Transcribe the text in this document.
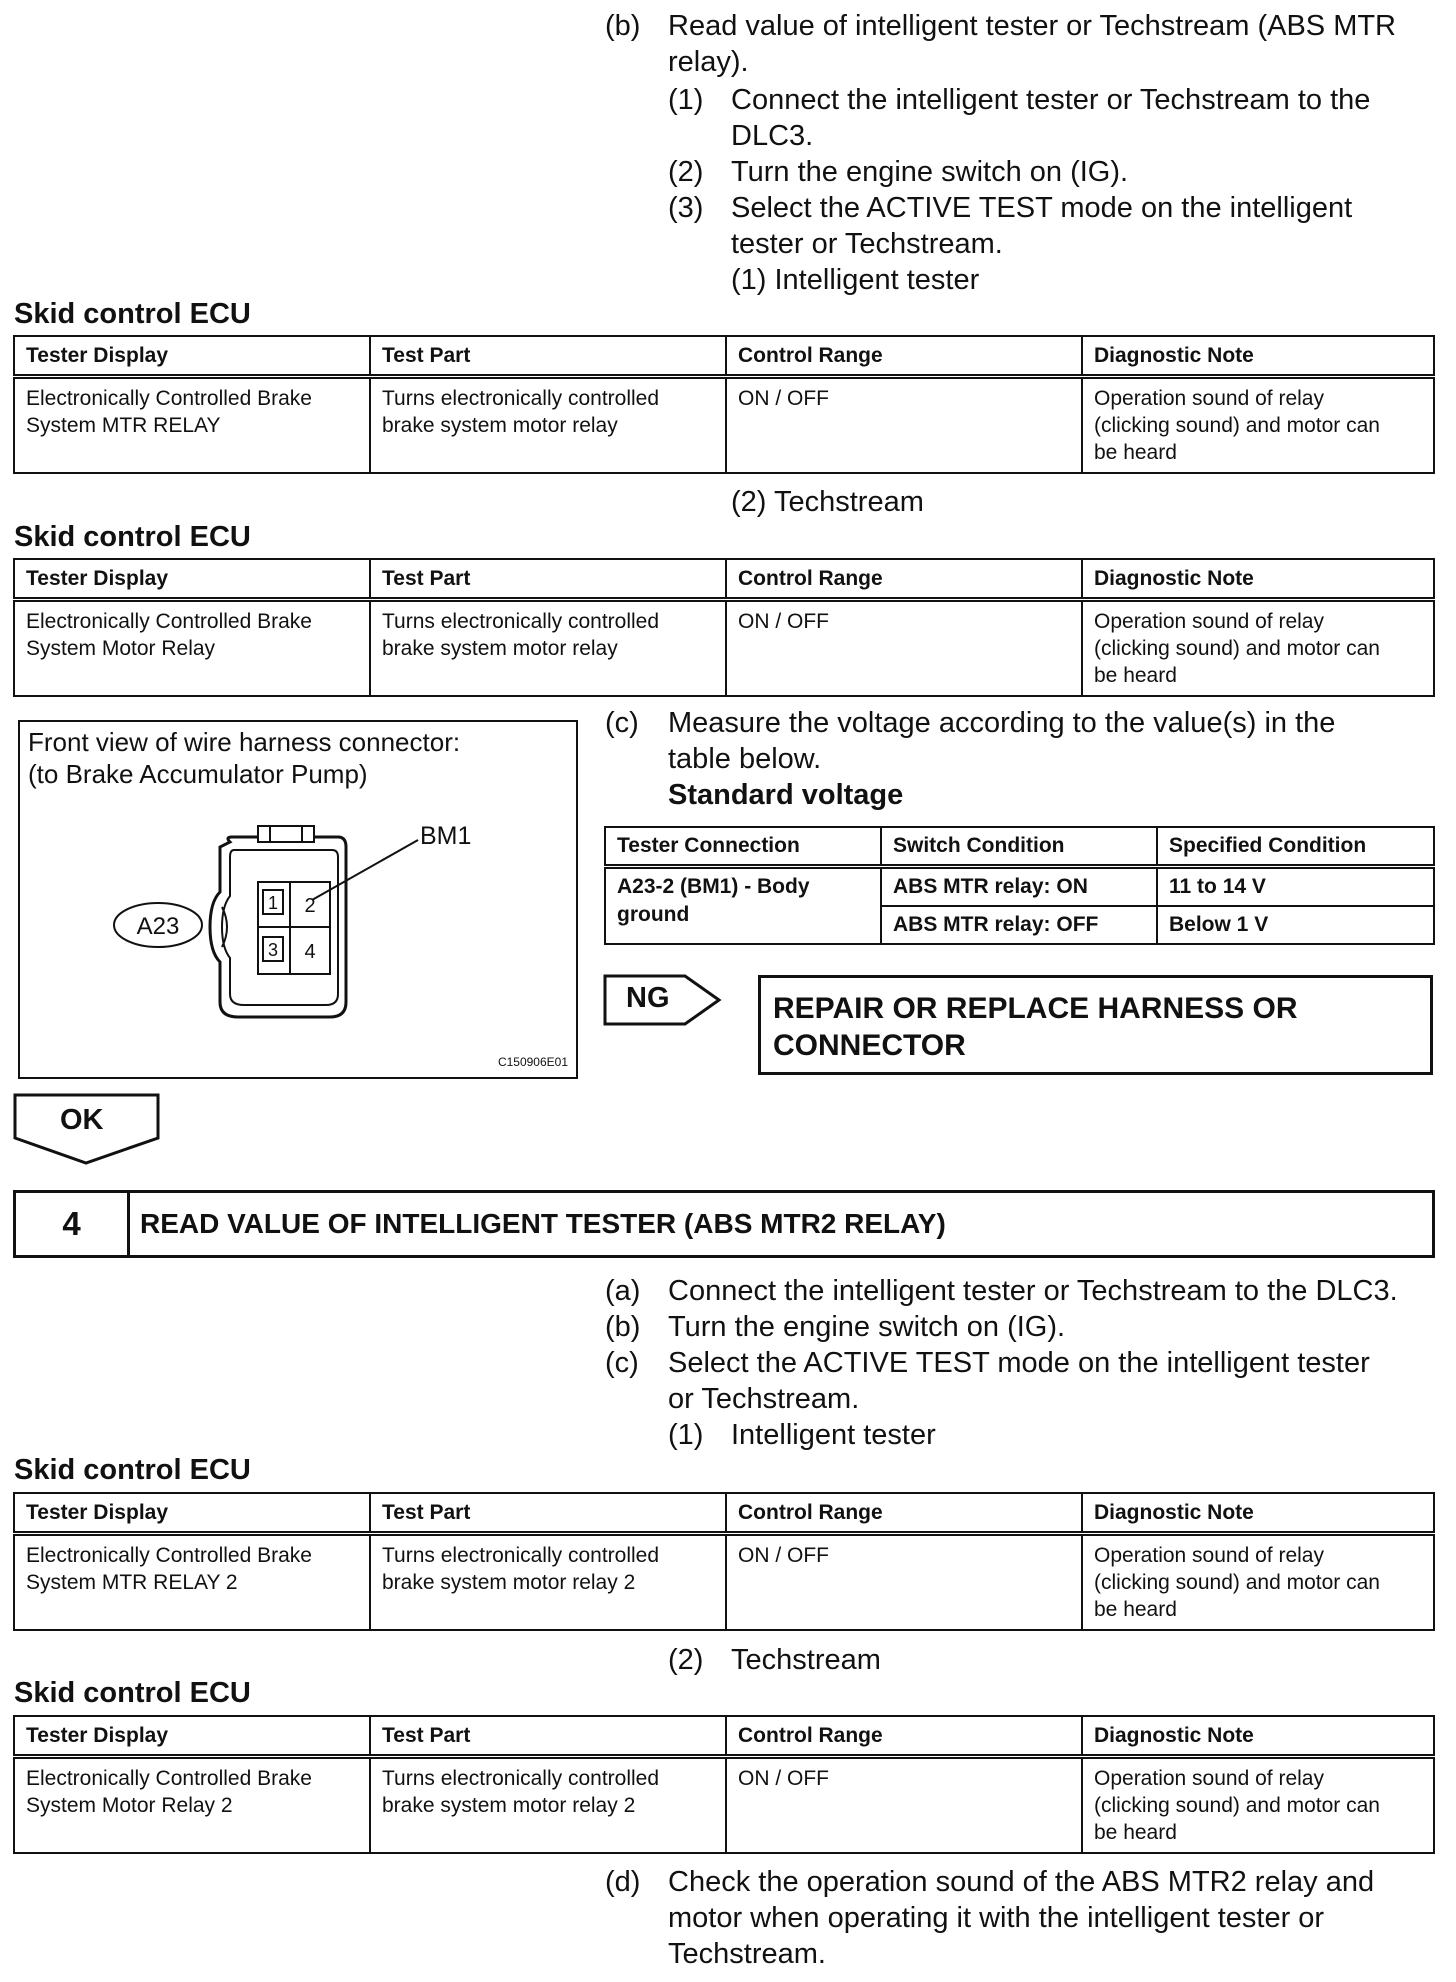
(b) Read value of intelligent tester or Techstream (ABS MTR
relay).
(1) Connect the intelligent tester or Techstream to the
DLC3.
(2) Turn the engine switch on (IG).
(3) Select the ACTIVE TEST mode on the intelligent
tester or Techstream.
(1) Intelligent tester
Skid control ECU
Tester Display	Test Part	Control Range	Diagnostic Note
Electronically Controlled Brake
System MTR RELAY	Turns electronically controlled
brake system motor relay	ON / OFF	Operation sound of relay
(clicking sound) and motor can
be heard
(2) Techstream
Skid control ECU
Tester Display	Test Part	Control Range	Diagnostic Note
Electronically Controlled Brake
System Motor Relay	Turns electronically controlled
brake system motor relay	ON / OFF	Operation sound of relay
(clicking sound) and motor can
be heard
Front view of wire harness connector:
(to Brake Accumulator Pump)
A23
1 2
3 4
BM1
C150906E01
(c) Measure the voltage according to the value(s) in the
table below.
Standard voltage
Tester Connection	Switch Condition	Specified Condition
A23-2 (BM1) - Body
ground	ABS MTR relay: ON	11 to 14 V
	ABS MTR relay: OFF	Below 1 V
NG	REPAIR OR REPLACE HARNESS OR
CONNECTOR
OK
4	READ VALUE OF INTELLIGENT TESTER (ABS MTR2 RELAY)
(a) Connect the intelligent tester or Techstream to the DLC3.
(b) Turn the engine switch on (IG).
(c) Select the ACTIVE TEST mode on the intelligent tester
or Techstream.
(1) Intelligent tester
Skid control ECU
Tester Display	Test Part	Control Range	Diagnostic Note
Electronically Controlled Brake
System MTR RELAY 2	Turns electronically controlled
brake system motor relay 2	ON / OFF	Operation sound of relay
(clicking sound) and motor can
be heard
(2) Techstream
Skid control ECU
Tester Display	Test Part	Control Range	Diagnostic Note
Electronically Controlled Brake
System Motor Relay 2	Turns electronically controlled
brake system motor relay 2	ON / OFF	Operation sound of relay
(clicking sound) and motor can
be heard
(d) Check the operation sound of the ABS MTR2 relay and
motor when operating it with the intelligent tester or
Techstream.
